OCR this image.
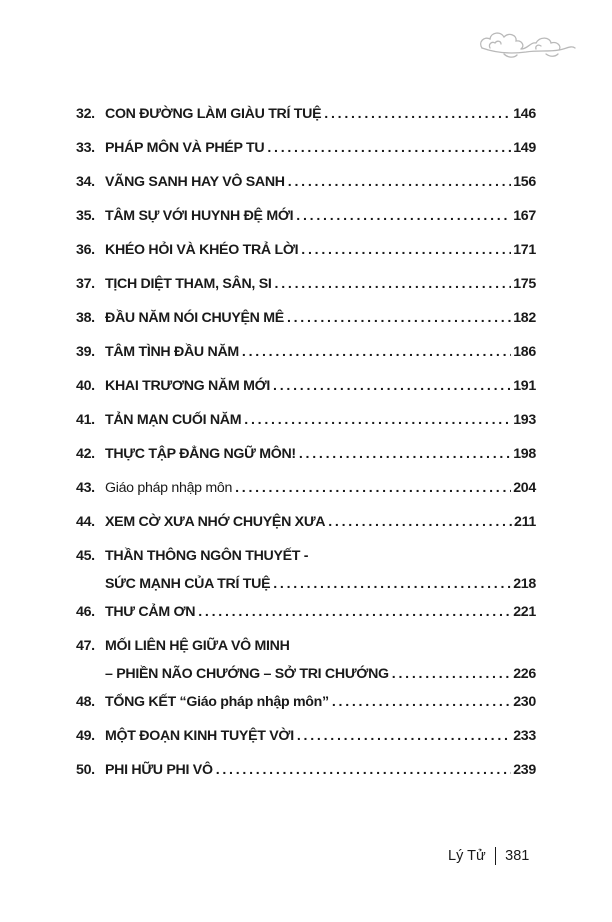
32. CON ĐƯỜNG LÀM GIÀU TRÍ TUỆ . . .	146
33. PHÁP MÔN VÀ PHÉP TU . . .	149
34. VÃNG SANH HAY VÔ SANH . . .	156
35. TÂM SỰ VỚI HUYNH ĐỆ MỚI . . .	167
36. KHÉO HỎI VÀ KHÉO TRẢ LỜI . . .	171
37. TỊCH DIỆT THAM, SÂN, SI . . .	175
38. ĐẦU NĂM NÓI CHUYỆN MÊ . . .	182
39. TÂM TÌNH ĐẦU NĂM . . .	186
40. KHAI TRƯƠNG NĂM MỚI . . .	191
41. TẢN MẠN CUỐI NĂM . . .	193
42. THỰC TẬP ĐẲNG NGỮ MÔN! . . .	198
43. Giáo pháp nhập môn . . .	204
44. XEM CỜ XƯA NHỚ CHUYỆN XƯA . . .	211
45. THẦN THÔNG NGÔN THUYẾT -
SỨC MẠNH CỦA TRÍ TUỆ . . .	218
46. THƯ CẢM ƠN . . .	221
47. MỐI LIÊN HỆ GIỮA VÔ MINH
– PHIỀN NÃO CHƯỚNG – SỞ TRI CHƯỚNG . . .	226
48. TỔNG KẾT “Giáo pháp nhập môn” . . .	230
49. MỘT ĐOẠN KINH TUYỆT VỜI . . .	233
50. PHI HỮU PHI VÔ . . .	239
Lý Tử 381
